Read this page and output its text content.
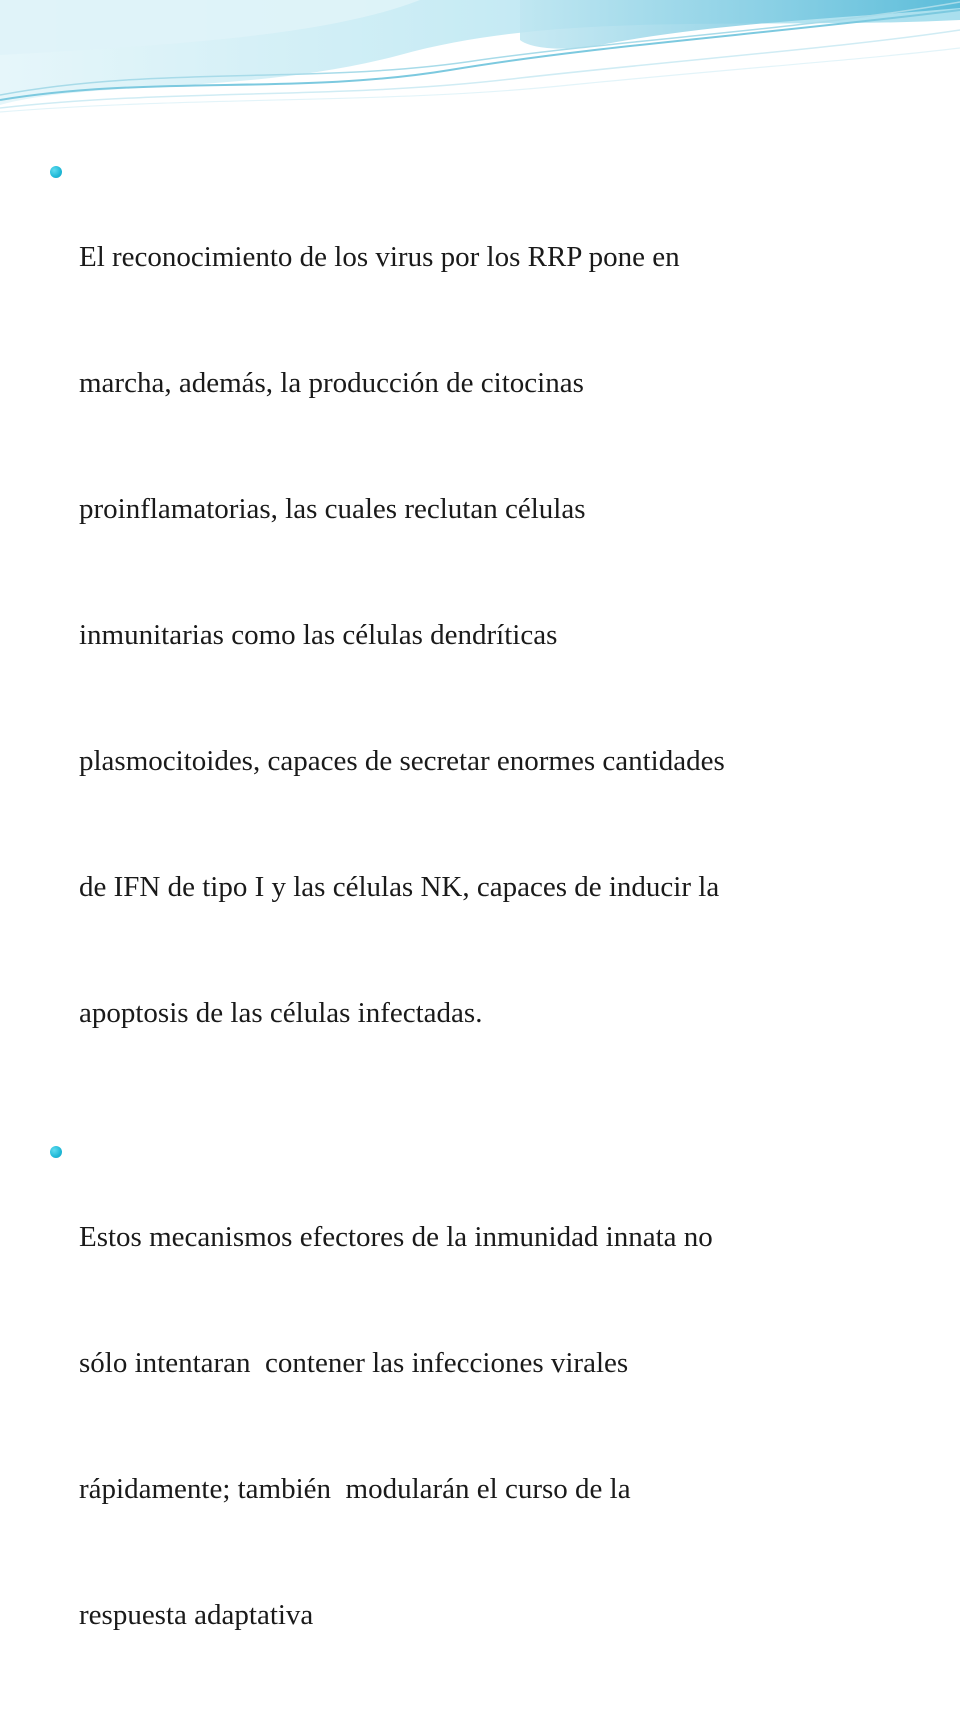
El reconocimiento de los virus por los RRP pone en

marcha, además, la producción de citocinas

proinflamatorias, las cuales reclutan células

inmunitarias como las células dendríticas

plasmocitoides, capaces de secretar enormes cantidades

de IFN de tipo I y las células NK, capaces de inducir la

apoptosis de las células infectadas.

Estos mecanismos efectores de la inmunidad innata no

sólo intentaran  contener las infecciones virales

rápidamente; también  modularán el curso de la

respuesta adaptativa
